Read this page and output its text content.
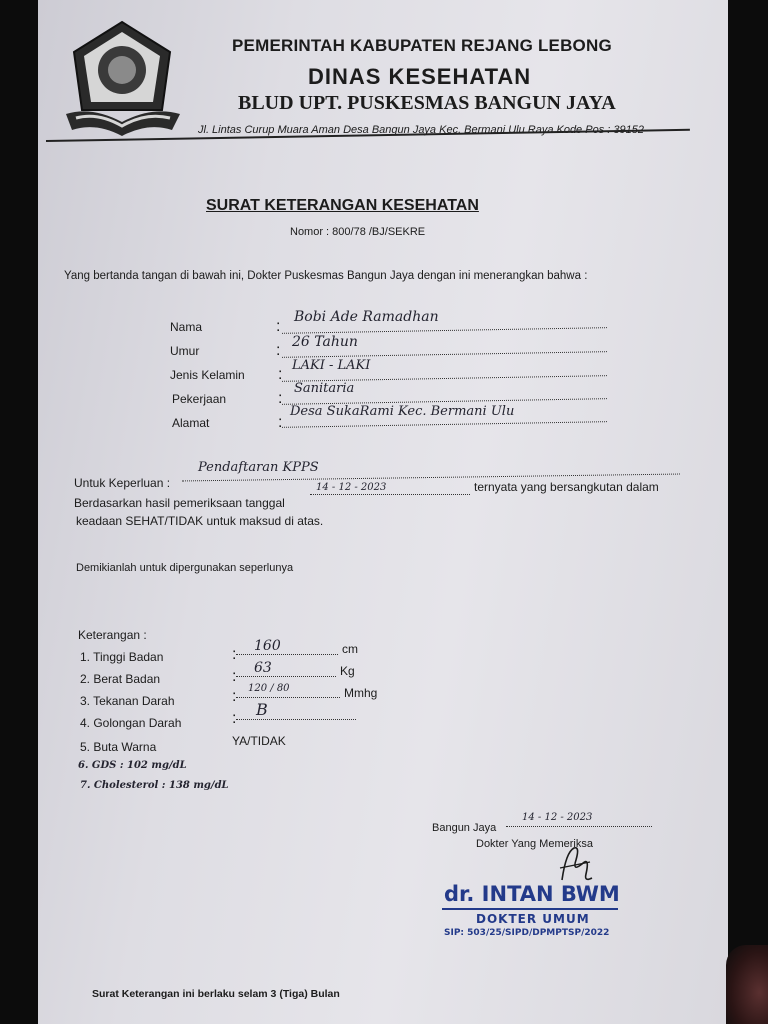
PEMERINTAH KABUPATEN REJANG LEBONG
DINAS KESEHATAN
BLUD UPT. PUSKESMAS BANGUN JAYA
Jl. Lintas Curup Muara Aman Desa Bangun Jaya Kec. Bermani Ulu Raya Kode Pos : 39152
SURAT KETERANGAN KESEHATAN
Nomor : 800/78 /BJ/SEKRE
Yang bertanda tangan di bawah ini, Dokter Puskesmas Bangun Jaya dengan ini menerangkan bahwa :
Nama	:
Bobi Ade Ramadhan
Umur	: 26 Tahun
Jenis Kelamin :
LAKI - LAKI
Pekerjaan	:
Sanitaria
Alamat	:
Desa SukaRami Kec. Bermani Ulu
Untuk Keperluan :
Pendaftaran KPPS
Berdasarkan hasil pemeriksaan tanggal
14 - 12 - 2023	ternyata yang bersangkutan dalam
keadaan SEHAT/TIDAK untuk maksud di atas.
Demikianlah untuk dipergunakan seperlunya
Keterangan :
1. Tinggi Badan	: 160	cm
2. Berat Badan	: 63	Kg
3. Tekanan Darah	: 120 / 80	Mmhg
4. Golongan Darah	: B
5. Buta Warna	YA/TIDAK
6. GDS : 102 mg/dL
7. Cholesterol : 138 mg/dL
Bangun Jaya
14 - 12 - 2023
Dokter Yang Memeriksa
dr. INTAN BWM
DOKTER UMUM
SIP: 503/25/SIPD/DPMPTSP/2022
Surat Keterangan ini berlaku selam 3 (Tiga) Bulan
